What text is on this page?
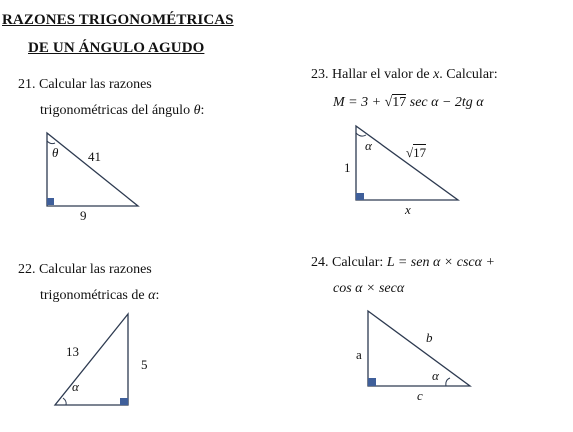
RAZONES TRIGONOMÉTRICAS
DE UN ÁNGULO AGUDO
21. Calcular las razones
trigonométricas del ángulo θ:
θ 41
9
22. Calcular las razones
trigonométricas de α:
13
5
α
23. Hallar el valor de x. Calcular:
M = 3 + √17 sec α − 2tg α
α	√17
1
x
24. Calcular: L = sen α × cscα +
cos α × secα
b
a
α
c
